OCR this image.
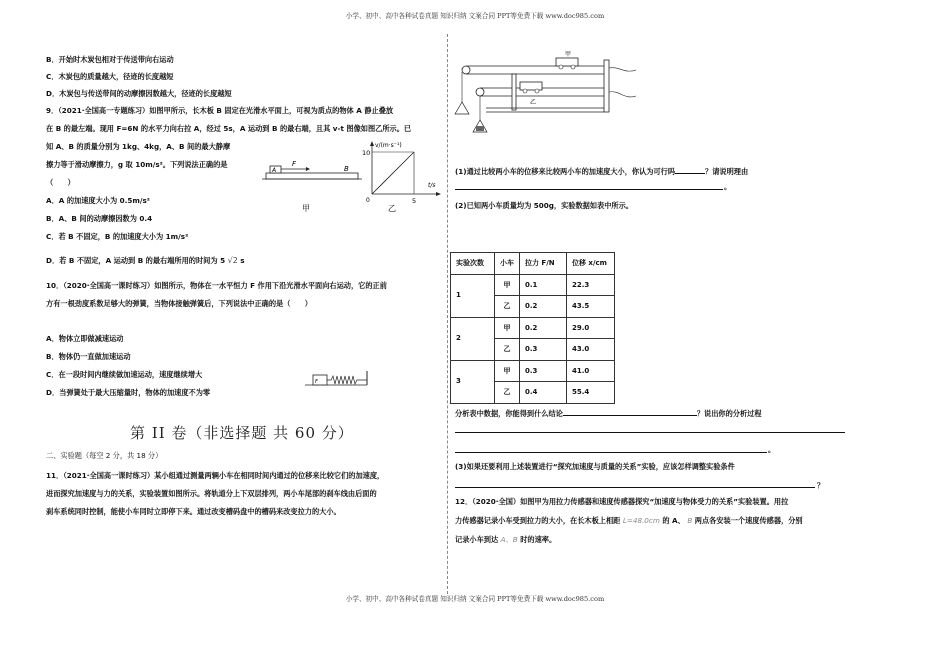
小学、初中、高中各种试卷真题 知识归纳 文案合同 PPT等免费下载 www.doc985.com
B．开始时木炭包相对于传送带向右运动
C．木炭包的质量越大，径迹的长度越短
D．木炭包与传送带间的动摩擦因数越大，径迹的长度越短
9．（2021·全国高一专题练习）如图甲所示，长木板 B 固定在光滑水平面上，可视为质点的物体 A 静止叠放
在 B 的最左端。现用 F=6N 的水平力向右拉 A，经过 5s，A 运动到 B 的最右端，且其 v-t 图像如图乙所示。已
知 A、B 的质量分别为 1kg、4kg，A、B 间的最大静摩
擦力等于滑动摩擦力，g 取 10m/s²。下列说法正确的是
（　　）
A．A 的加速度大小为 0.5m/s²
B．A、B 间的动摩擦因数为 0.4
C．若 B 不固定，B 的加速度大小为 1m/s²
D．若 B 不固定，A 运动到 B 的最右端所用的时间为 5 √2 s
A
F
B
v/(m·s⁻¹)
t/s
10
5
0
甲	乙
10．（2020·全国高一课时练习）如图所示，物体在一水平恒力 F 作用下沿光滑水平面向右运动，它的正前
方有一根劲度系数足够大的弹簧，当物体接触弹簧后，下列说法中正确的是（　　）
A．物体立即做减速运动
B．物体仍一直做加速运动
C．在一段时间内继续做加速运动，速度继续增大
D．当弹簧处于最大压缩量时，物体的加速度不为零
F
第 II 卷（非选择题 共 60 分）
二、实验题（每空 2 分，共 18 分）
11．（2021·全国高一课时练习）某小组通过测量两辆小车在相同时间内通过的位移来比较它们的加速度，
进而探究加速度与力的关系，实验装置如图所示。将轨道分上下双层排列，两小车尾部的刹车线由后面的
刹车系统同时控制，能使小车同时立即停下来。通过改变槽码盘中的槽码来改变拉力的大小。
甲
乙
(1)通过比较两小车的位移来比较两小车的加速度大小，你认为可行吗	？请说明理由
。
(2)已知两小车质量均为 500g，实验数据如表中所示。
实验次数	小车	拉力 F/N	位移 x/cm
1	甲	0.1	22.3
	乙	0.2	43.5
2	甲	0.2	29.0
	乙	0.3	43.0
3	甲	0.3	41.0
	乙	0.4	55.4
分析表中数据，你能得到什么结论	？说出你的分析过程
。
(3)如果还要利用上述装置进行“探究加速度与质量的关系”实验，应该怎样调整实验条件
？
12．（2020·全国）如图甲为用拉力传感器和速度传感器探究“加速度与物体受力的关系”实验装置。用拉
力传感器记录小车受到拉力的大小，在长木板上相距 L=48.0cm 的 A、 B 两点各安装一个速度传感器，分别
记录小车到达 A、B 时的速率。
小学、初中、高中各种试卷真题 知识归纳 文案合同 PPT等免费下载 www.doc985.com
